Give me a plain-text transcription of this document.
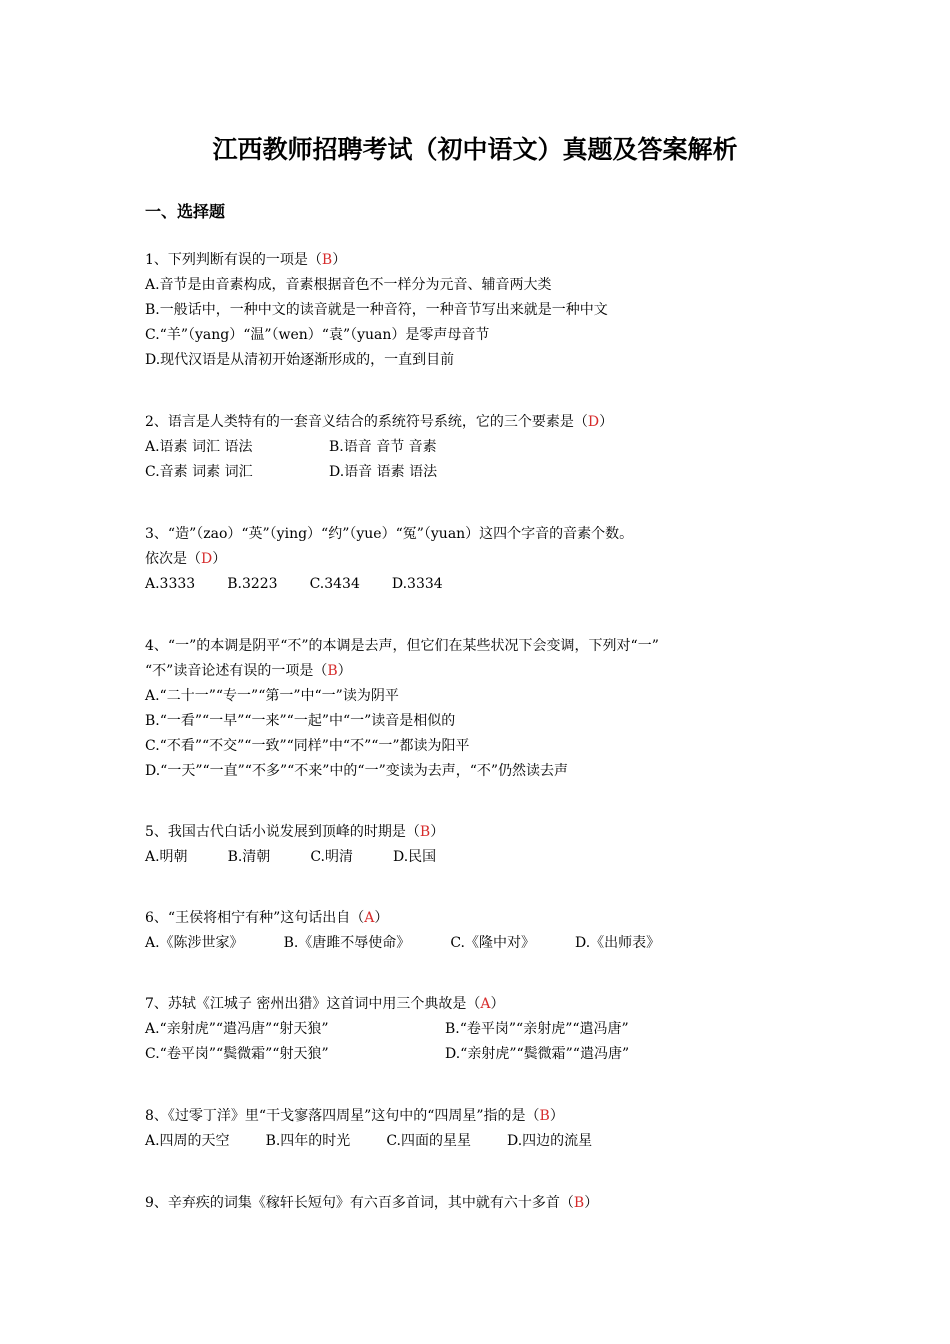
江西教师招聘考试（初中语文）真题及答案解析
一、选择题
1、下列判断有误的一项是（B）
A.音节是由音素构成，音素根据音色不一样分为元音、辅音两大类
B.一般话中，一种中文的读音就是一种音符，一种音节写出来就是一种中文
C.“羊”（yang）“温”（wen）“袁”（yuan）是零声母音节
D.现代汉语是从清初开始逐渐形成的，一直到目前
2、语言是人类特有的一套音义结合的系统符号系统，它的三个要素是（D）
A.语素 词汇 语法	B.语音 音节 音素
C.音素 词素 词汇	D.语音 语素 语法
3、“造”（zao）“英”（ying）“约”（yue）“冤”（yuan）这四个字音的音素个数。
依次是（D）
A.3333 B.3223 C.3434 D.3334
4、“一”的本调是阴平“不”的本调是去声，但它们在某些状况下会变调，下列对“一”
“不”读音论述有误的一项是（B）
A.“二十一”“专一”“第一”中“一”读为阴平
B.“一看”“一早”“一来”“一起”中“一”读音是相似的
C.“不看”“不交”“一致”“同样”中“不”“一”都读为阳平
D.“一天”“一直”“不多”“不来”中的“一”变读为去声，“不”仍然读去声
5、我国古代白话小说发展到顶峰的时期是（B）
A.明朝	B.清朝	C.明清	D.民国
6、“王侯将相宁有种”这句话出自（A）
A.《陈涉世家》	B.《唐雎不辱使命》	C.《隆中对》	D.《出师表》
7、苏轼《江城子 密州出猎》这首词中用三个典故是（A）
A.“亲射虎”“遣冯唐”“射天狼”	B.“卷平岗”“亲射虎”“遣冯唐”
C.“卷平岗”“鬓微霜”“射天狼”	D.“亲射虎”“鬓微霜”“遣冯唐”
8、《过零丁洋》里“干戈寥落四周星”这句中的“四周星”指的是（B）
A.四周的天空	B.四年的时光	C.四面的星星	D.四边的流星
9、辛弃疾的词集《稼轩长短句》有六百多首词，其中就有六十多首（B）
